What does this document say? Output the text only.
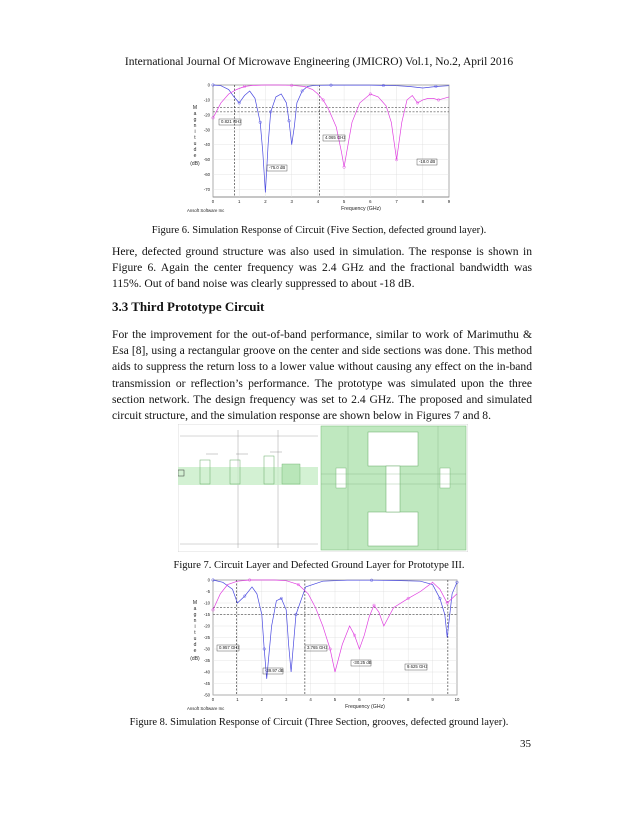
International Journal Of Microwave Engineering (JMICRO) Vol.1, No.2, April 2016
0	1	2	3	4	5	6	7	8	9
0
-10
-20
-30
-40
-50
-60
-70
0.821 GHz
-75.0 dB
4.065 GHz
-18.0 dB
M
a
g
n
i
t
u
d
e
(dB)
Frequency (GHz)
Ansoft Software Inc
Figure 6. Simulation Response of Circuit (Five Section, defected ground layer).
Here, defected ground structure was also used in simulation. The response is shown in Figure 6. Again the center frequency was 2.4 GHz and the fractional bandwidth was 115%. Out of band noise was clearly suppressed to about -18 dB.
3.3 Third Prototype Circuit
For the improvement for the out-of-band performance, similar to work of Marimuthu & Esa [8], using a rectangular groove on the center and side sections was done. This method aids to suppress the return loss to a lower value without causing any effect on the in-band transmission or reflection’s performance. The prototype was simulated upon the three section network. The design frequency was set to 2.4 GHz. The proposed and simulated circuit structure, and the simulation response are shown below in Figures 7 and 8.
Figure 7. Circuit Layer and Defected Ground Layer for Prototype III.
0	1	2	3	4	5	6	7	8	9	10
0
-5
-10
-15
-20
-25
-30
-35
-40
-45
-50
0.957 GHz
-39.97 dB
3.765 GHz
-30.25 dB
9.625 GHz
M
a
g
n
i
t
u
d
e
(dB)
Frequency (GHz)
Ansoft Software Inc
Figure 8. Simulation Response of Circuit (Three Section, grooves, defected ground layer).
35
